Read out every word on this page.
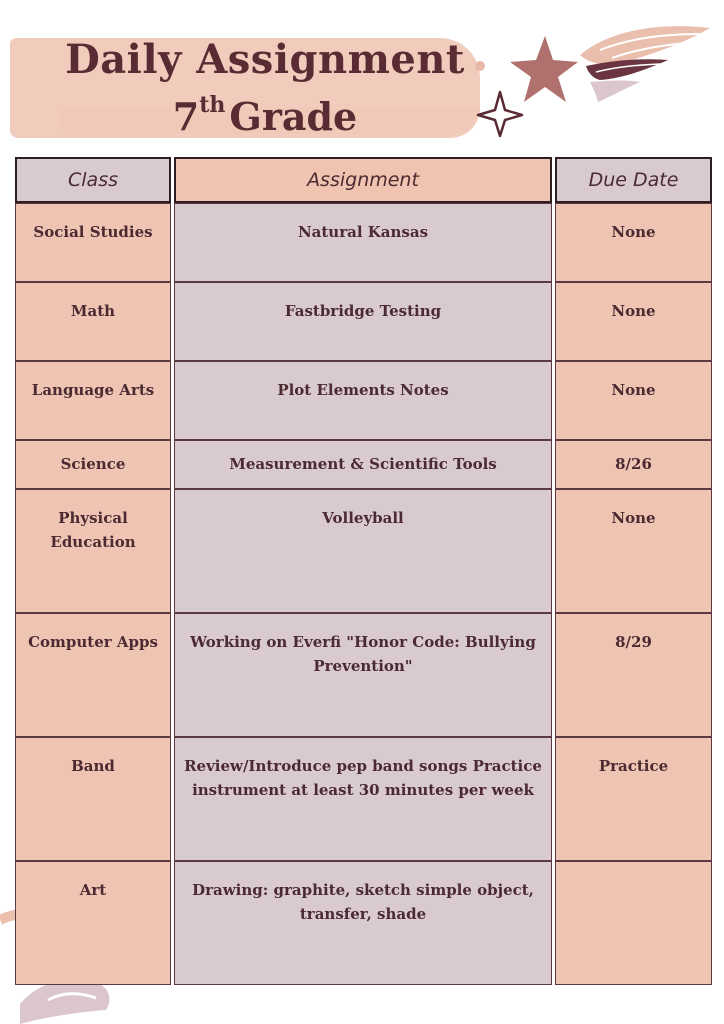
Daily Assignment
7th Grade
Class	Assignment	Due Date

Social Studies	Natural Kansas	None

Math	Fastbridge Testing	None

Language Arts	Plot Elements Notes	None

Science	Measurement & Scientific Tools	8/26

Physical Education	Volleyball	None

Computer Apps	Working on Everfi "Honor Code: Bullying Prevention"	8/29

Band	Review/Introduce pep band songs Practice instrument at least 30 minutes per week	Practice

Art	Drawing: graphite, sketch simple object, transfer, shade	
